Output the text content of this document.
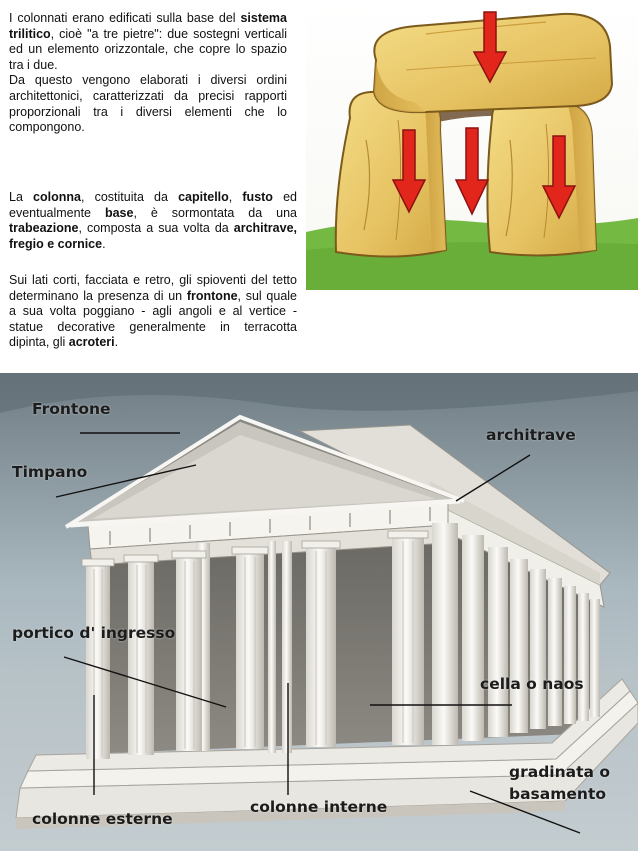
I colonnati erano edificati sulla base del sistema trilitico, cioè "a tre pietre": due sostegni verticali ed un elemento orizzontale, che copre lo spazio tra i due.
Da questo vengono elaborati i diversi ordini architettonici, caratterizzati da precisi rapporti proporzionali tra i diversi elementi che lo compongono.
La colonna, costituita da capitello, fusto ed eventualmente base, è sormontata da una trabeazione, composta a sua volta da architrave, fregio e cornice.
Sui lati corti, facciata e retro, gli spioventi del tetto determinano la presenza di un frontone, sul quale a sua volta poggiano - agli angoli e al vertice - statue decorative generalmente in terracotta dipinta, gli acroteri.
Frontone
Timpano
architrave
portico d' ingresso
cella o naos
gradinata o
basamento
colonne interne
colonne esterne
